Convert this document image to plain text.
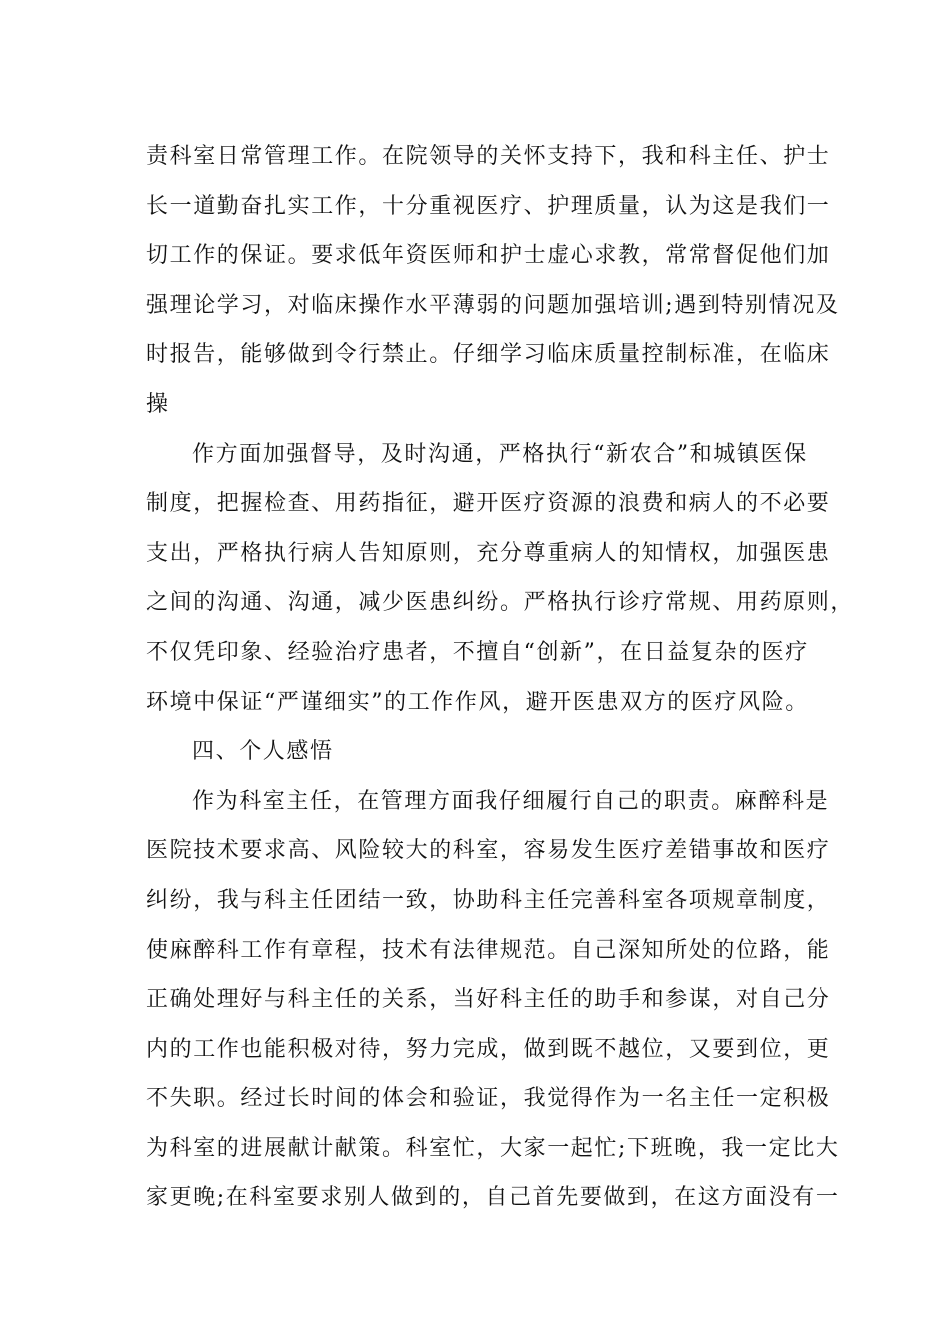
责科室日常管理工作。在院领导的关怀支持下，我和科主任、护士
长一道勤奋扎实工作，十分重视医疗、护理质量，认为这是我们一
切工作的保证。要求低年资医师和护士虚心求教，常常督促他们加
强理论学习，对临床操作水平薄弱的问题加强培训;遇到特别情况及
时报告，能够做到令行禁止。仔细学习临床质量控制标准，在临床
操
作方面加强督导，及时沟通，严格执行“新农合”和城镇医保
制度，把握检查、用药指征，避开医疗资源的浪费和病人的不必要
支出，严格执行病人告知原则，充分尊重病人的知情权，加强医患
之间的沟通、沟通，减少医患纠纷。严格执行诊疗常规、用药原则，
不仅凭印象、经验治疗患者，不擅自“创新”，在日益复杂的医疗
环境中保证“严谨细实”的工作作风，避开医患双方的医疗风险。
四、个人感悟
作为科室主任，在管理方面我仔细履行自己的职责。麻醉科是
医院技术要求高、风险较大的科室，容易发生医疗差错事故和医疗
纠纷，我与科主任团结一致，协助科主任完善科室各项规章制度，
使麻醉科工作有章程，技术有法律规范。自己深知所处的位路，能
正确处理好与科主任的关系，当好科主任的助手和参谋，对自己分
内的工作也能积极对待，努力完成，做到既不越位，又要到位，更
不失职。经过长时间的体会和验证，我觉得作为一名主任一定积极
为科室的进展献计献策。科室忙，大家一起忙;下班晚，我一定比大
家更晚;在科室要求别人做到的，自己首先要做到，在这方面没有一
